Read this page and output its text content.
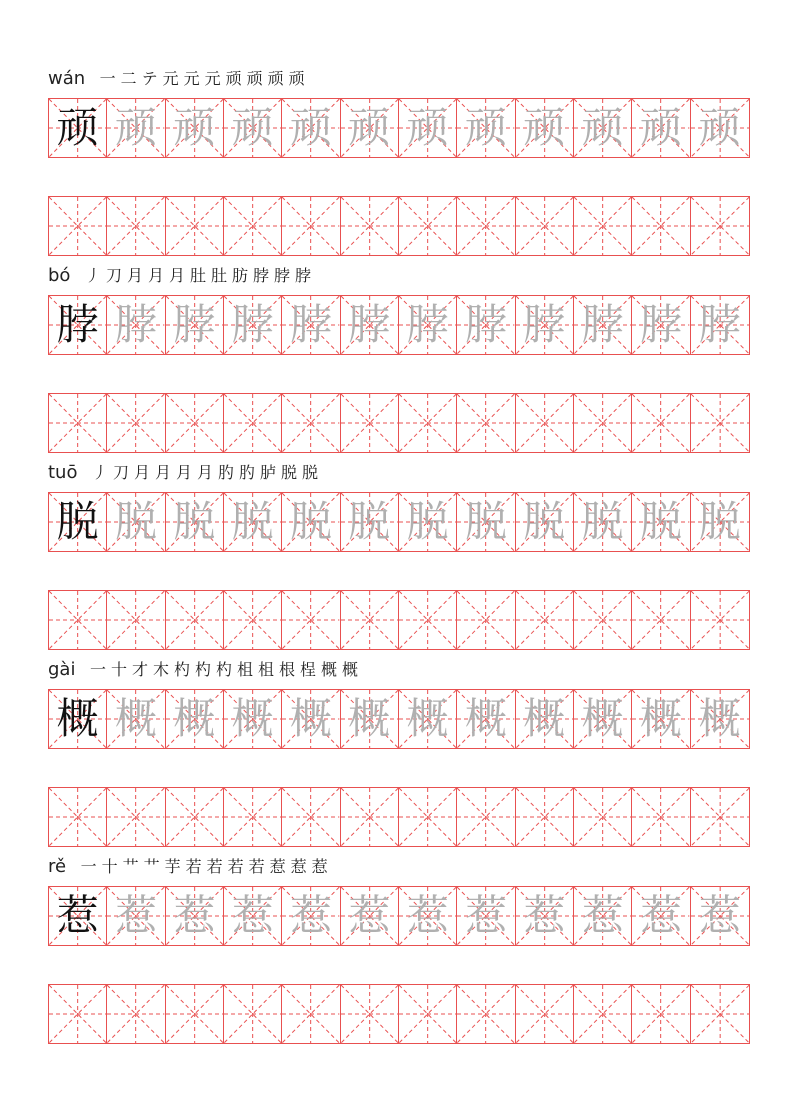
wán 一 二 テ 元 元 元 顽 顽 顽 顽
顽 顽 顽 顽 顽 顽 顽 顽 顽 顽 顽 顽
bó 丿 刀 月 月 月 肚 肚 肪 脖 脖 脖
脖 脖 脖 脖 脖 脖 脖 脖 脖 脖 脖 脖
tuō 丿 刀 月 月 月 月 肑 肑 胪 脱 脱
脱 脱 脱 脱 脱 脱 脱 脱 脱 脱 脱 脱
gài 一 十 才 木 杓 杓 杓 柤 柤 根 桯 概 概
概 概 概 概 概 概 概 概 概 概 概 概
rě 一 十 艹 艹 芋 若 若 若 若 惹 惹 惹
惹 惹 惹 惹 惹 惹 惹 惹 惹 惹 惹 惹
